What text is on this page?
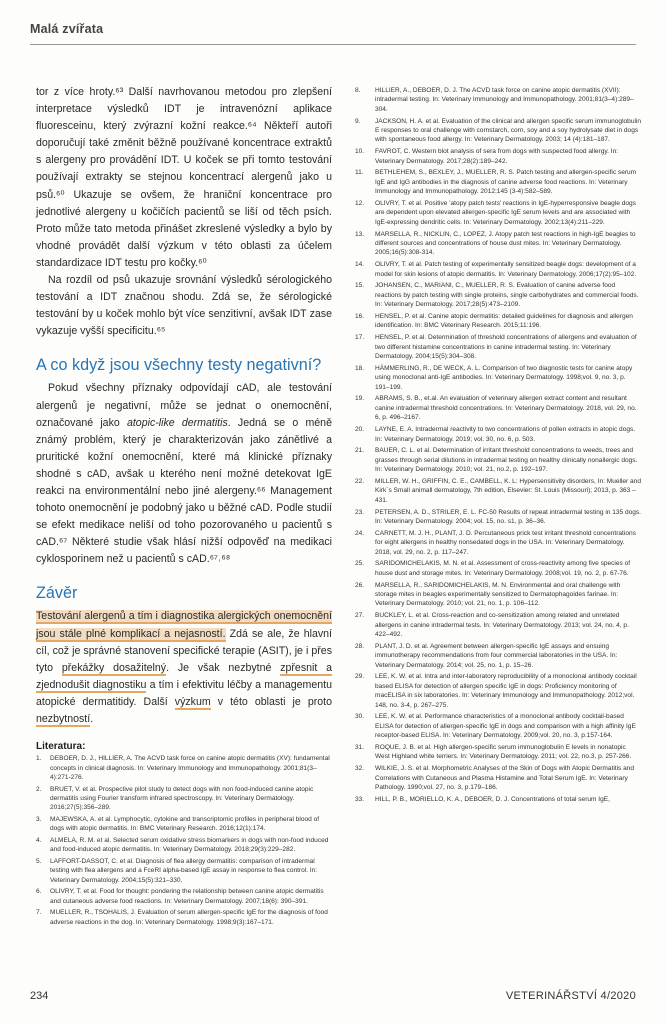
Malá zvířata

tor z více hroty.⁶³ Další navrhovanou metodou pro zlepšení interpretace výsledků IDT je intravenózní aplikace fluoresceinu, který zvýrazní kožní reakce.⁶⁴ Někteří autoři doporučují také změnit běžně používané koncentrace extraktů s alergeny pro provádění IDT. U koček se při tomto testování používají extrakty se stejnou koncentrací alergenů jako u psů.⁶⁰ Ukazuje se ovšem, že hraniční koncentrace pro jednotlivé alergeny u kočičích pacientů se liší od těch psích. Proto může tato metoda přinášet zkreslené výsledky a bylo by vhodné provádět další výzkum v této oblasti za účelem standardizace IDT testu pro kočky.⁶⁰

Na rozdíl od psů ukazuje srovnání výsledků sérologického testování a IDT značnou shodu. Zdá se, že sérologické testování by u koček mohlo být více senzitivní, avšak IDT zase vykazuje vyšší specificitu.⁶⁵

A co když jsou všechny testy negativní?

Pokud všechny příznaky odpovídají cAD, ale testování alergenů je negativní, může se jednat o onemocnění, označované jako atopic-like dermatitis. Jedná se o méně známý problém, který je charakterizován jako zánětlivé a pruritické kožní onemocnění, které má klinické příznaky shodné s cAD, avšak u kterého není možné detekovat IgE reakci na environmentální nebo jiné alergeny.⁶⁶ Management tohoto onemocnění je podobný jako u běžné cAD. Podle studií se efekt medikace neliší od toho pozorovaného u pacientů s cAD.⁶⁷ Některé studie však hlásí nižší odpověď na medikaci cyklosporinem než u pacientů s cAD.⁶⁷˒⁶⁸

Závěr

Testování alergenů a tím i diagnostika alergických onemocnění jsou stále plné komplikací a nejasností. Zdá se ale, že hlavní cíl, což je správné stanovení specifické terapie (ASIT), je i přes tyto překážky dosažitelný. Je však nezbytné zpřesnit a zjednodušit diagnostiku a tím i efektivitu léčby a managementu atopické dermatitidy. Další výzkum v této oblasti je proto nezbytností.

Literatura:
1.	DEBOER, D. J., HILLIER, A. The ACVD task force on canine atopic dermatitis (XV): fundamental concepts in clinical diagnosis. In: Veterinary Immunology and Immunopathology. 2001;81(3–4):271-276.
2.	BRUET, V. et al. Prospective pilot study to detect dogs with non food-induced canine atopic dermatitis using Fourier transform infrared spectroscopy. In: Veterinary Dermatology. 2016;27(5):356–289.
3.	MAJEWSKA, A. et al. Lymphocytic, cytokine and transcriptomic profiles in peripheral blood of dogs with atopic dermatitis. In: BMC Veterinary Research. 2016;12(1):174.
4.	ALMELA, R. M. et al. Selected serum oxidative stress biomarkers in dogs with non-food induced and food-induced atopic dermatitis. In: Veterinary Dermatology. 2018;29(3):229–282.
5.	LAFFORT-DASSOT, C. et al. Diagnosis of flea allergy dermatitis: comparison of intradermal testing with flea allergens and a FceRI alpha-based IgE assay in response to flea control. In: Veterinary Dermatology. 2004;15(5):321–330.
6.	OLIVRY, T. et al. Food for thought: pondering the relationship between canine atopic dermatitis and cutaneous adverse food reactions. In: Veterinary Dermatology. 2007;18(6): 390–391.
7.	MUELLER, R., TSOHALIS, J. Evaluation of serum allergen-specific IgE for the diagnosis of food adverse reactions in the dog. In: Veterinary Dermatology. 1998;9(3):167–171.
8.	HILLIER, A., DEBOER, D. J. The ACVD task force on canine atopic dermatitis (XVII): intradermal testing. In: Veterinary Immunology and Immunopathology. 2001;81(3–4):289–304.
9.	JACKSON, H. A. et al. Evaluation of the clinical and allergen specific serum immunoglobulin E responses to oral challenge with cornstarch, corn, soy and a soy hydrolysate diet in dogs with spontaneous food allergy. In: Veterinary Dermatology. 2003; 14 (4):181–187.
10.	FAVROT, C. Western blot analysis of sera from dogs with suspected food allergy. In: Veterinary Dermatology. 2017;28(2):189–242.
11.	BETHLEHEM, S., BEXLEY, J., MUELLER, R. S. Patch testing and allergen-specific serum IgE and IgG antibodies in the diagnosis of canine adverse food reactions. In: Veterinary Immunology and Immunopathology. 2012;145 (3-4):582–589.
12.	OLIVRY, T. et al. Positive 'atopy patch tests' reactions in IgE-hyperresponsive beagle dogs are dependent upon elevated allergen-specific IgE serum levels and are associated with IgE-expressing dendritic cells. In: Veterinary Dermatology. 2002;13(4):211–229.
13.	MARSELLA, R., NICKLIN, C., LOPEZ, J. Atopy patch test reactions in high-IgE beagles to different sources and concentrations of house dust mites. In: Veterinary Dermatology. 2005;16(5):308-314.
14.	OLIVRY, T. et al. Patch testing of experimentally sensitized beagle dogs: development of a model for skin lesions of atopic dermatitis. In: Veterinary Dermatology. 2006;17(2):95–102.
15.	JOHANSEN, C., MARIANI, C., MUELLER, R. S. Evaluation of canine adverse food reactions by patch testing with single proteins, single carbohydrates and commercial foods. In: Veterinary Dermatology. 2017;28(5):473–2109.
16.	HENSEL, P. et al. Canine atopic dermatitis: detailed guidelines for diagnosis and allergen identification. In: BMC Veterinary Research. 2015;11:196.
17.	HENSEL, P. et al. Determination of threshold concentrations of allergens and evaluation of two different histamine concentrations in canine intradermal testing. In: Veterinary Dermatology. 2004;15(5):304–308.
18.	HÄMMERLING, R., DE WECK, A. L. Comparison of two diagnostic tests for canine atopy using monoclonal anti-IgE antibodies. In: Veterinary Dermatology. 1998;vol. 9, no. 3, p. 191–199.
19.	ABRAMS, S. B., et.al. An evaluation of veterinary allergen extract content and resultant canine intradermal threshold concentrations. In: Veterinary Dermatology. 2018, vol. 29, no. 6, p. 496–2167.
20.	LAYNE, E. A. Intradermal reactivity to two concentrations of pollen extracts in atopic dogs. In: Veterinary Dermatology. 2019; vol. 30, no. 6, p. 503.
21.	BAUER, C. L. et al. Determination of irritant threshold concentrations to weeds, trees and grasses through serial dilutions in intradermal testing on healthy clinically nonallergic dogs. In: Veterinary Dermatology. 2010; vol. 21, no.2, p. 192–197.
22.	MILLER, W. H., GRIFFIN, C. E., CAMBELL, K. L: Hypersensitivity disorders, In: Mueller and Kirk´s Small animall dermatology, 7th edition, Elsevier: St. Louis (Missouri); 2013, p. 363 – 431.
23.	PETERSEN, A. D., STRILER, E. L. FC-50 Results of repeat intradermal testing in 135 dogs. In: Veterinary Dermatology. 2004; vol. 15, no. s1, p. 36–36.
24.	CARNETT, M. J. H., PLANT, J. D. Percutaneous prick test irritant threshold concentrations for eight allergens in healthy nonsedated dogs in the USA. In: Veterinary Dermatology. 2018, vol. 29, no. 2, p. 117–247.
25.	SARIDOMICHELAKIS, M. N. et al. Assessment of cross-reactivity among five species of house dust and storage mites. In: Veterinary Dermatology. 2008;vol. 19, no. 2, p. 67-76.
26.	MARSELLA, R., SARIDOMICHELAKIS, M. N. Environmental and oral challenge with storage mites in beagles experimentally sensitized to Dermatophagoides farinae. In: Veterinary Dermatology. 2010; vol. 21, no. 1, p. 106–112.
27.	BUCKLEY, L. et al. Cross-reaction and co-sensitization among related and unrelated allergens in canine intradermal tests. In: Veterinary Dermatology. 2013; vol. 24, no. 4, p. 422–492.
28.	PLANT, J. D. et al. Agreement between allergen-specific IgE assays and ensuing immunotherapy recommendations from four commercial laboratories in the USA. In: Veterinary Dermatology. 2014; vol. 25, no. 1, p. 15–26.
29.	LEE, K. W. et al. Intra and inter-laboratory reproducibility of a monoclonal antibody cocktail based ELISA for detection of allergen specific IgE in dogs: Proficiency monitoring of macELISA in six laboratories. In: Veterinary Immunology and Immunopathology. 2012;vol. 148, no. 3-4, p. 267–275.
30.	LEE, K. W. et al. Performance characteristics of a monoclonal antibody cocktail-based ELISA for detection of allergen-specific IgE in dogs and comparison with a high affinity IgE receptor-based ELISA. In: Veterinary Dermatology. 2009;vol. 20, no. 3, p.157-164.
31.	ROQUE, J. B. et al. High allergen-specific serum immunoglobulin E levels in nonatopic West Highland white terriers. In: Veterinary Dermatology. 2011; vol. 22, no.3, p. 257-266.
32.	WILKIE, J. S. et al. Morphometric Analyses of the Skin of Dogs with Atopic Dermatitis and Correlations with Cutaneous and Plasma Histamine and Total Serum IgE. In: Veterinary Pathology. 1990;vol. 27, no. 3, p.179–186.
33.	HILL, P. B., MORIELLO, K. A., DEBOER, D. J. Concentrations of total serum IgE,
234	VETERINÁŘSTVÍ 4/2020
